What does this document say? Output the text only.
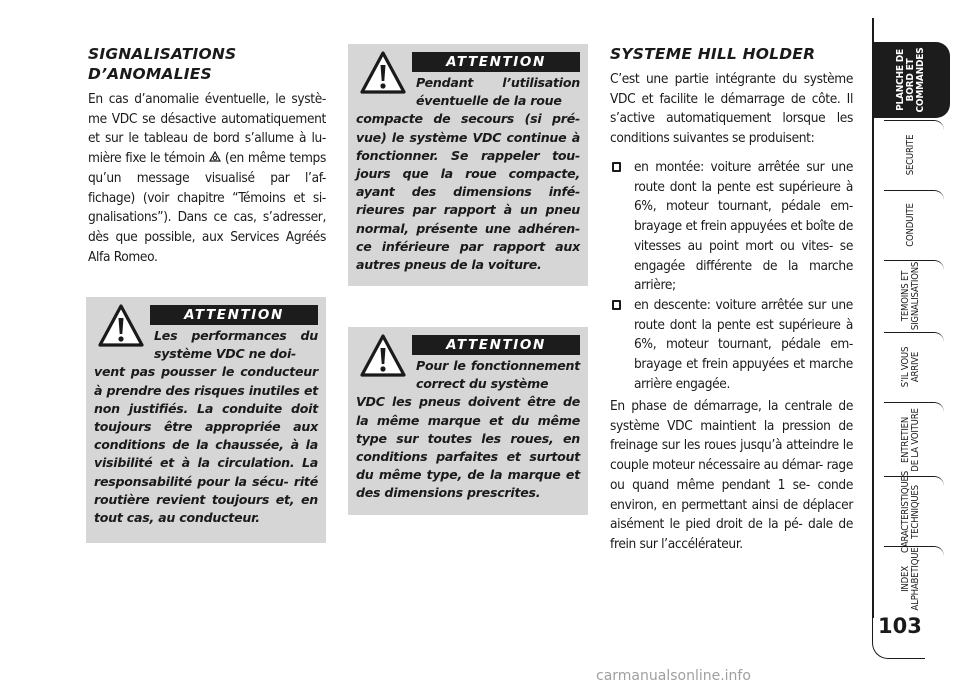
SIGNALISATIONS
D’ANOMALIES

En cas d’anomalie éventuelle, le systè- me VDC se désactive automatiquement et sur le tableau de bord s’allume à lu- mière fixe le témoin  (en même temps qu’un message visualisé par l’af- fichage) (voir chapitre “Témoins et si- gnalisations”). Dans ce cas, s’adresser, dès que possible, aux Services Agréés Alfa Romeo.

ATTENTION
Les performances du système VDC ne doi-
vent pas pousser le conducteur à prendre des risques inutiles et non justifiés. La conduite doit toujours être appropriée aux conditions de la chaussée, à la visibilité et à la circulation. La responsabilité pour la sécu- rité routière revient toujours et, en tout cas, au conducteur.
ATTENTION
Pendant l’utilisation éventuelle de la roue
compacte de secours (si pré- vue) le système VDC continue à fonctionner. Se rappeler tou- jours que la roue compacte, ayant des dimensions infé- rieures par rapport à un pneu normal, présente une adhéren- ce inférieure par rapport aux autres pneus de la voiture.
ATTENTION
Pour le fonctionnement correct du système
VDC les pneus doivent être de la même marque et du même type sur toutes les roues, en conditions parfaites et surtout du même type, de la marque et des dimensions prescrites.
SYSTEME HILL HOLDER

C’est une partie intégrante du système VDC et facilite le démarrage de côte. Il s’active automatiquement lorsque les conditions suivantes se produisent:

en montée: voiture arrêtée sur une route dont la pente est supérieure à 6%, moteur tournant, pédale em- brayage et frein appuyées et boîte de vitesses au point mort ou vites- se engagée différente de la marche arrière;
en descente: voiture arrêtée sur une route dont la pente est supérieure à 6%, moteur tournant, pédale em- brayage et frein appuyées et marche arrière engagée.

En phase de démarrage, la centrale de système VDC maintient la pression de freinage sur les roues jusqu’à atteindre le couple moteur nécessaire au démar- rage ou quand même pendant 1 se- conde environ, en permettant ainsi de déplacer aisément le pied droit de la pé- dale de frein sur l’accélérateur.

PLANCHE DE
BORD ET
COMMANDES
SECURITE
CONDUITE
TEMOINS ET
SIGNALISATIONS
S’IL VOUS
ARRIVE
ENTRETIEN
DE LA VOITURE
CARACTERISTIQUES
TECHNIQUES
INDEX
ALPHABETIQUE
103
carmanualsonline.info
